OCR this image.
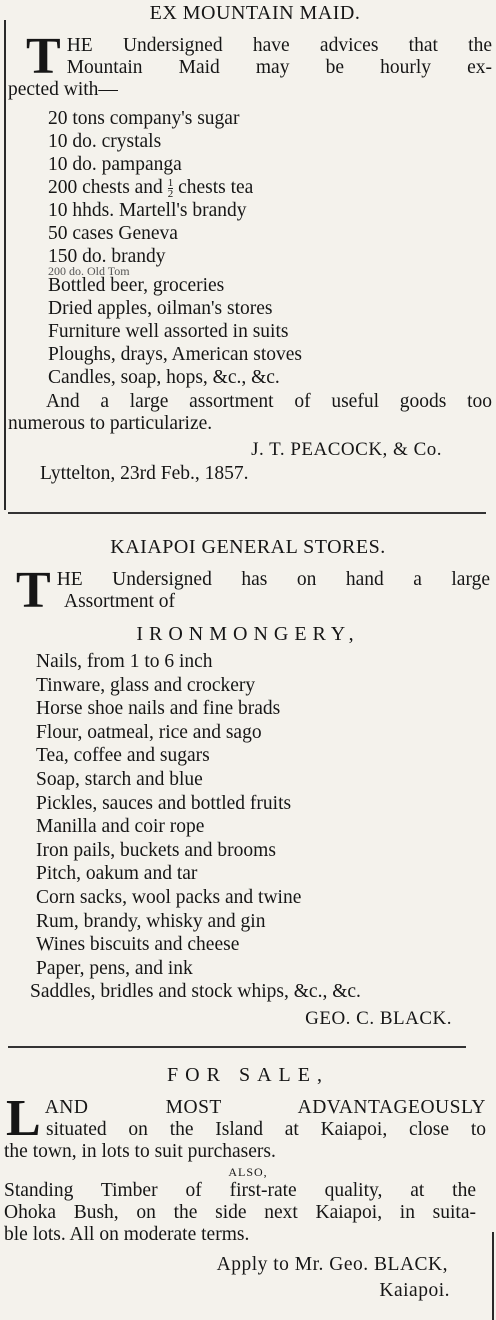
EX MOUNTAIN MAID.
T HE Undersigned have advices that the
Mountain Maid may be hourly ex-
pected with—
20 tons company's sugar
10 do. crystals
10 do. pampanga
200 chests and $\frac{1}{2}$ chests tea
10 hhds. Martell's brandy
50 cases Geneva
150 do. brandy
200 do. Old Tom
Bottled beer, groceries
Dried apples, oilman's stores
Furniture well assorted in suits
Ploughs, drays, American stoves
Candles, soap, hops, &c., &c.
And a large assortment of useful goods too
numerous to particularize.
J. T. PEACOCK, & Co.
Lyttelton, 23rd Feb., 1857.
KAIAPOI GENERAL STORES.
T HE Undersigned has on hand a large
Assortment of
IRONMONGERY,
Nails, from 1 to 6 inch
Tinware, glass and crockery
Horse shoe nails and fine brads
Flour, oatmeal, rice and sago
Tea, coffee and sugars
Soap, starch and blue
Pickles, sauces and bottled fruits
Manilla and coir rope
Iron pails, buckets and brooms
Pitch, oakum and tar
Corn sacks, wool packs and twine
Rum, brandy, whisky and gin
Wines biscuits and cheese
Paper, pens, and ink
Saddles, bridles and stock whips, &c., &c.
GEO. C. BLACK.
FOR SALE,
L AND MOST ADVANTAGEOUSLY
situated on the Island at Kaiapoi, close to
the town, in lots to suit purchasers.
ALSO,
Standing Timber of first-rate quality, at the
Ohoka Bush, on the side next Kaiapoi, in suita-
ble lots. All on moderate terms.
Apply to Mr. Geo. BLACK,
Kaiapoi.
